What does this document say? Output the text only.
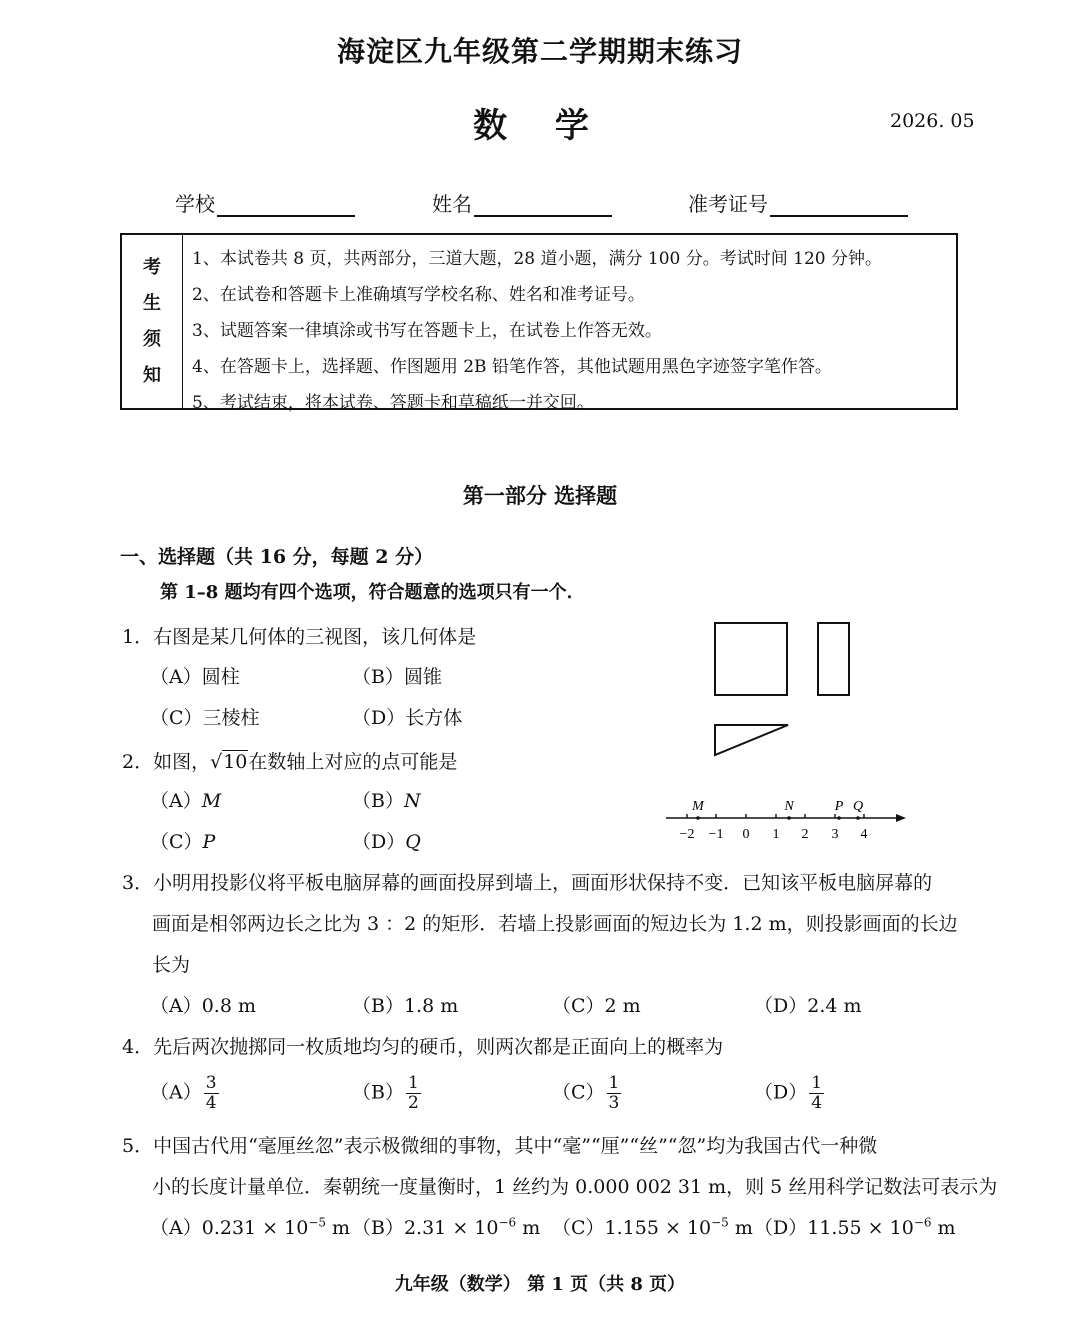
海淀区九年级第二学期期末练习
数 学	2026. 05
学校	姓名	准考证号
考
生
须
知
1、本试卷共 8 页，共两部分，三道大题，28 道小题，满分 100 分。考试时间 120 分钟。
2、在试卷和答题卡上准确填写学校名称、姓名和准考证号。
3、试题答案一律填涂或书写在答题卡上，在试卷上作答无效。
4、在答题卡上，选择题、作图题用 2B 铅笔作答，其他试题用黑色字迹签字笔作答。
5、考试结束，将本试卷、答题卡和草稿纸一并交回。
第一部分 选择题
一、选择题（共 16 分，每题 2 分）
第 1–8 题均有四个选项，符合题意的选项只有一个．
1．右图是某几何体的三视图，该几何体是
（A）圆柱	（B）圆锥
（C）三棱柱	（D）长方体
2．如图，√10在数轴上对应的点可能是
（A）M	（B）N
（C）P	（D）Q	−2 −1 0 1 2 3 4
M	N	P Q
3．小明用投影仪将平板电脑屏幕的画面投屏到墙上，画面形状保持不变．已知该平板电脑屏幕的
画面是相邻两边长之比为 3 ：2 的矩形．若墙上投影画面的短边长为 1.2 m，则投影画面的长边
长为
（A）0.8 m	（B）1.8 m	（C）2 m	（D）2.4 m
4．先后两次抛掷同一枚质地均匀的硬币，则两次都是正面向上的概率为
$(A) \frac{3}{4}$	$(B) \frac{1}{2}$	$(C) \frac{1}{3}$	$(D) \frac{1}{4}$
5．中国古代用“毫厘丝忽”表示极微细的事物，其中“毫”“厘”“丝”“忽”均为我国古代一种微
小的长度计量单位．秦朝统一度量衡时，1 丝约为 0.000 002 31 m，则 5 丝用科学记数法可表示为
$(A)0.231 \times 10^{-5}$ m $(B)2.31 \times 10^{-6}$ m $(C)1.155 \times 10^{-5}$ m $(D)11.55 \times 10^{-6}$ m
九年级（数学） 第 1 页（共 8 页）
